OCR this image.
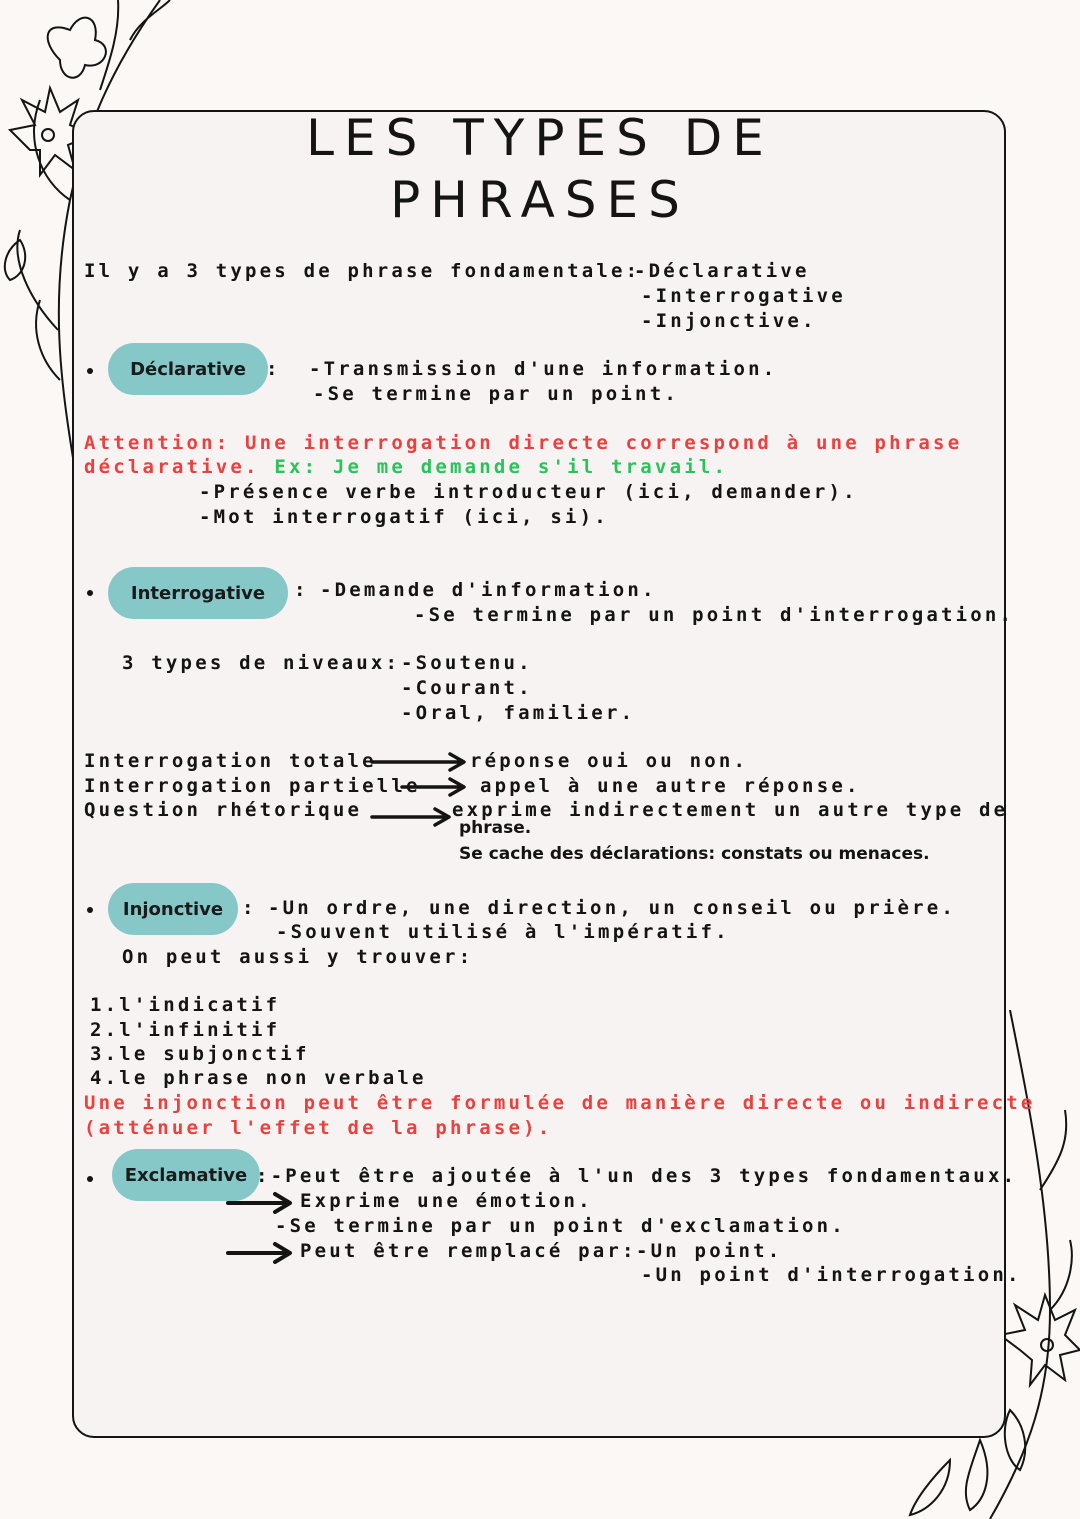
LES TYPES DE
PHRASES
Il y a 3 types de phrase fondamentale:
-Déclarative
-Interrogative
-Injonctive.
Déclarative	: -Transmission d'une information.
-Se termine par un point.
Attention: Une interrogation directe correspond à une phrase
déclarative. Ex: Je me demande s'il travail.
-Présence verbe introducteur (ici, demander).
-Mot interrogatif (ici, si).
Interrogative	: -Demande d'information.
-Se termine par un point d'interrogation.
3 types de niveaux: -Soutenu.
-Courant.
-Oral, familier.
Interrogation totale
Interrogation partielle
Question rhétorique
réponse oui ou non.
appel à une autre réponse.
exprime indirectement un autre type de
phrase.
Se cache des déclarations: constats ou menaces.
Injonctive : -Un ordre, une direction, un conseil ou prière.
-Souvent utilisé à l'impératif.
On peut aussi y trouver:
1.l'indicatif
2.l'infinitif
3.le subjonctif
4.le phrase non verbale
Une injonction peut être formulée de manière directe ou indirecte
(atténuer l'effet de la phrase).
Exclamative :-Peut être ajoutée à l'un des 3 types fondamentaux.
Exprime une émotion.
-Se termine par un point d'exclamation.
Peut être remplacé par: -Un point.
-Un point d'interrogation.
